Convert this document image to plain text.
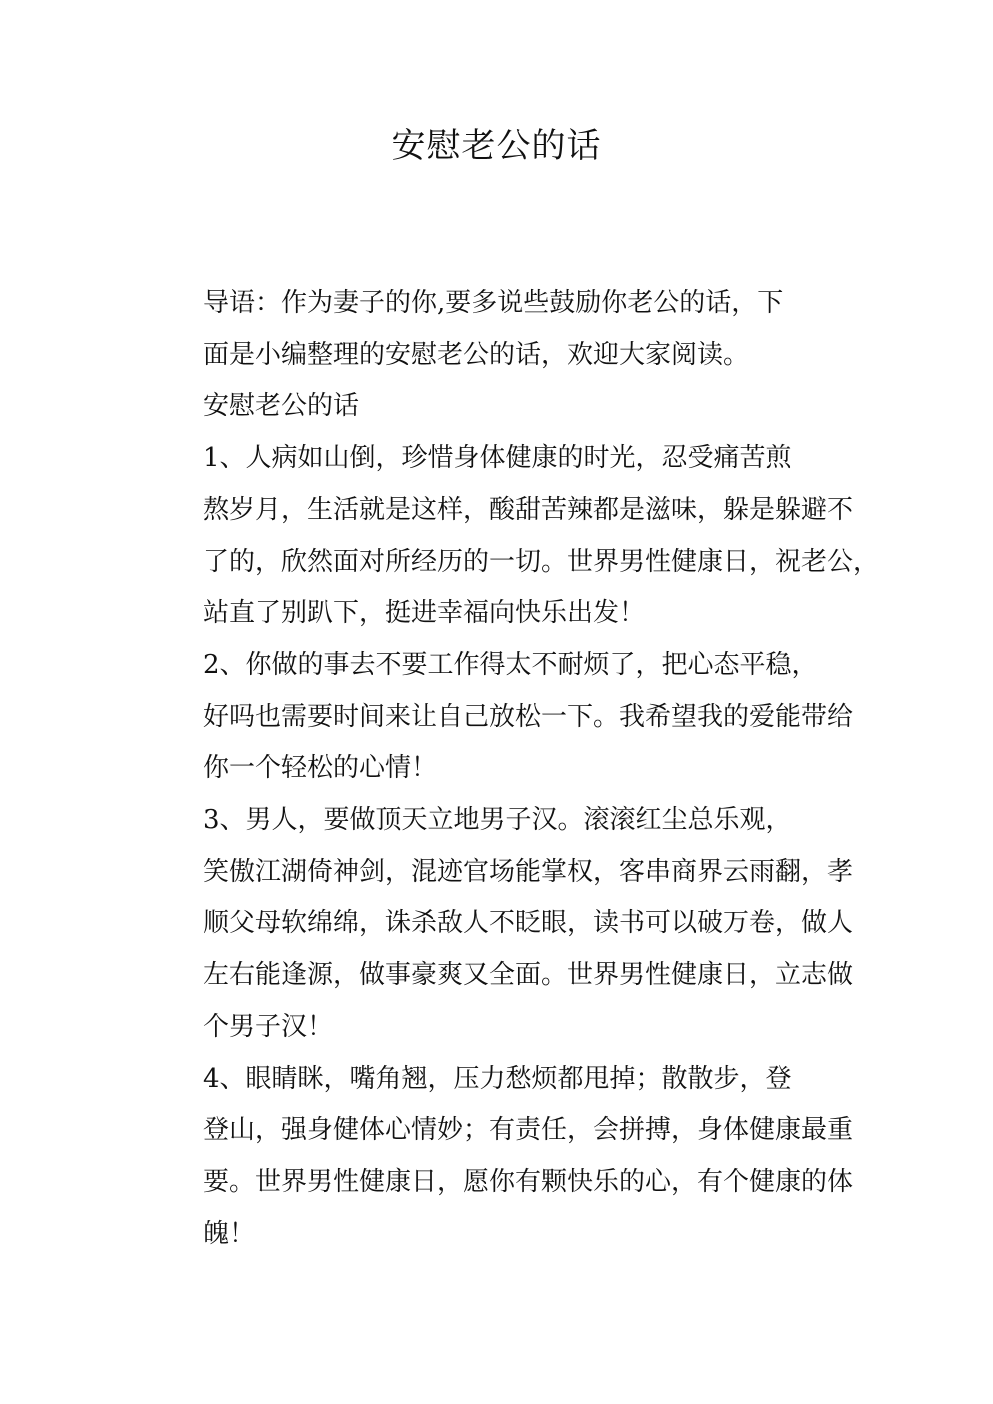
安慰老公的话

导语：作为妻子的你,要多说些鼓励你老公的话，下
面是小编整理的安慰老公的话，欢迎大家阅读。

安慰老公的话

1、人病如山倒，珍惜身体健康的时光，忍受痛苦煎
熬岁月，生活就是这样，酸甜苦辣都是滋味，躲是躲避不
了的，欣然面对所经历的一切。世界男性健康日，祝老公，
站直了别趴下，挺进幸福向快乐出发！

2、你做的事去不要工作得太不耐烦了，把心态平稳，
好吗也需要时间来让自己放松一下。我希望我的爱能带给
你一个轻松的心情！

3、男人，要做顶天立地男子汉。滚滚红尘总乐观，
笑傲江湖倚神剑，混迹官场能掌权，客串商界云雨翻，孝
顺父母软绵绵，诛杀敌人不眨眼，读书可以破万卷，做人
左右能逢源，做事豪爽又全面。世界男性健康日，立志做
个男子汉！

4、眼睛眯，嘴角翘，压力愁烦都甩掉；散散步，登
登山，强身健体心情妙；有责任，会拼搏，身体健康最重
要。世界男性健康日，愿你有颗快乐的心，有个健康的体
魄！
